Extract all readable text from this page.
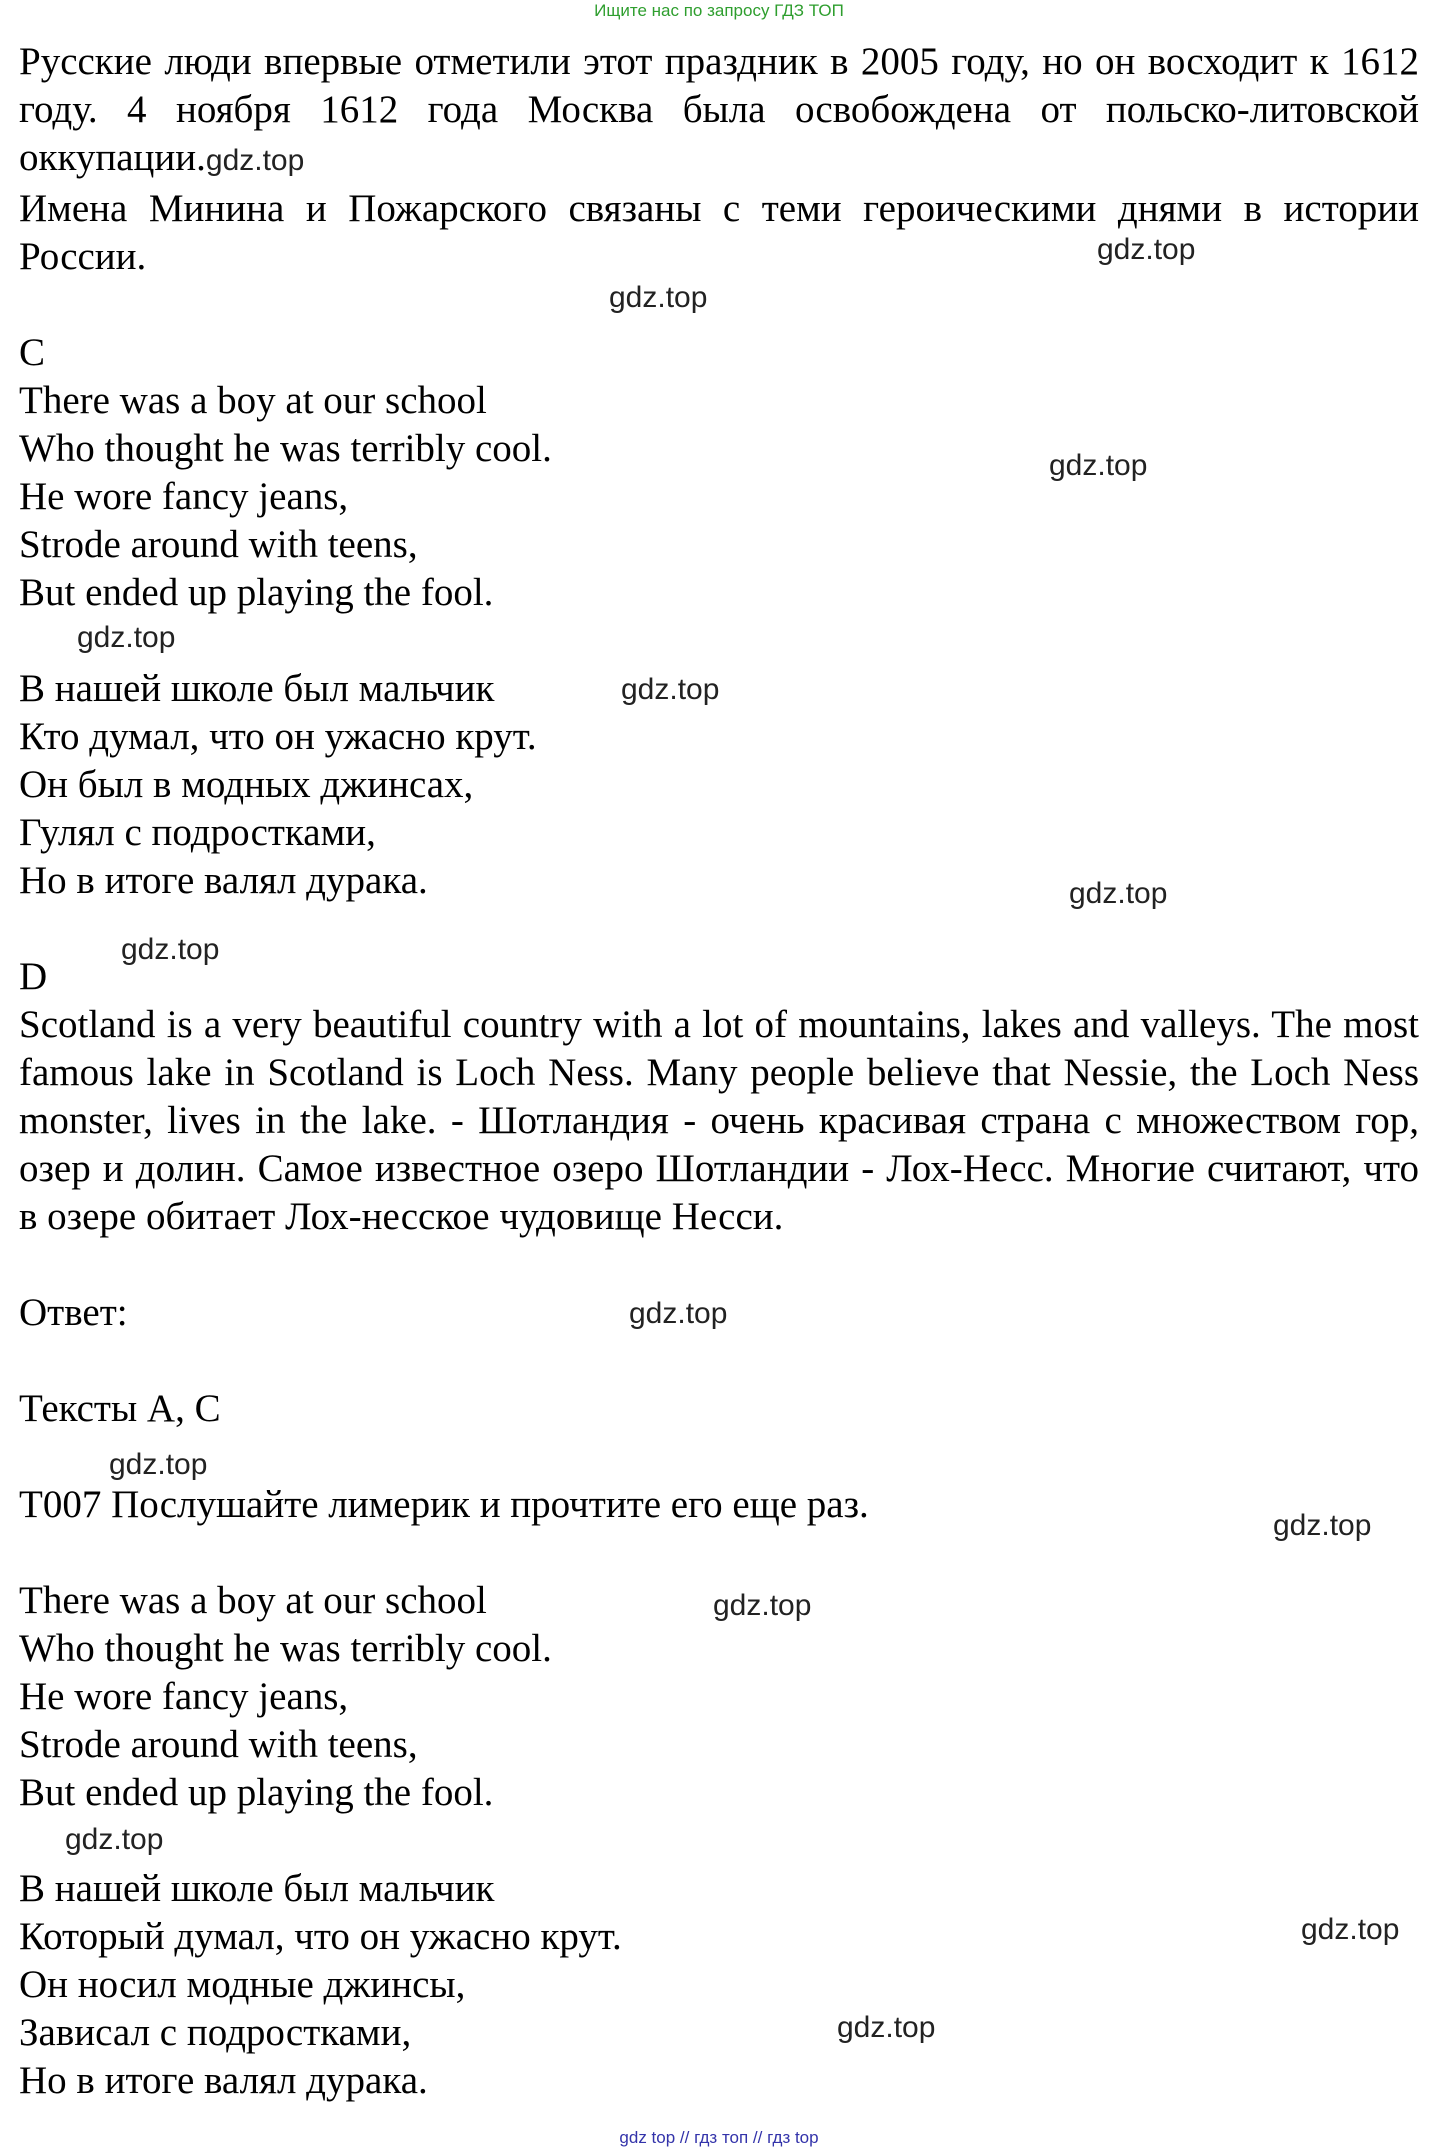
Ищите нас по запросу ГДЗ ТОП

Русские люди впервые отметили этот праздник в 2005 году, но он восходит к 1612 году. 4 ноября 1612 года Москва была освобождена от польско-литовской оккупации.gdz.top

Имена Минина и Пожарского связаны с теми героическими днями в истории России.

C

There was a boy at our school

Who thought he was terribly cool.

He wore fancy jeans,

Strode around with teens,

But ended up playing the fool.

В нашей школе был мальчик

Кто думал, что он ужасно крут.

Он был в модных джинсах,

Гулял с подростками,

Но в итоге валял дурака.

D

Scotland is a very beautiful country with a lot of mountains, lakes and valleys. The most famous lake in Scotland is Loch Ness. Many people believe that Nessie, the Loch Ness monster, lives in the lake. - Шотландия - очень красивая страна с множеством гор, озер и долин. Самое известное озеро Шотландии - Лох-Несс. Многие считают, что в озере обитает Лох-несское чудовище Несси.

Ответ:

Тексты A, C

T007 Послушайте лимерик и прочтите его еще раз.

There was a boy at our school

Who thought he was terribly cool.

He wore fancy jeans,

Strode around with teens,

But ended up playing the fool.

В нашей школе был мальчик

Который думал, что он ужасно крут.

Он носил модные джинсы,

Зависал с подростками,

Но в итоге валял дурака.

gdz.top
gdz.top
gdz.top
gdz.top
gdz.top
gdz.top
gdz.top
gdz.top
gdz.top
gdz.top
gdz.top
gdz.top
gdz.top
gdz.top
gdz top // гдз топ // гдз top
